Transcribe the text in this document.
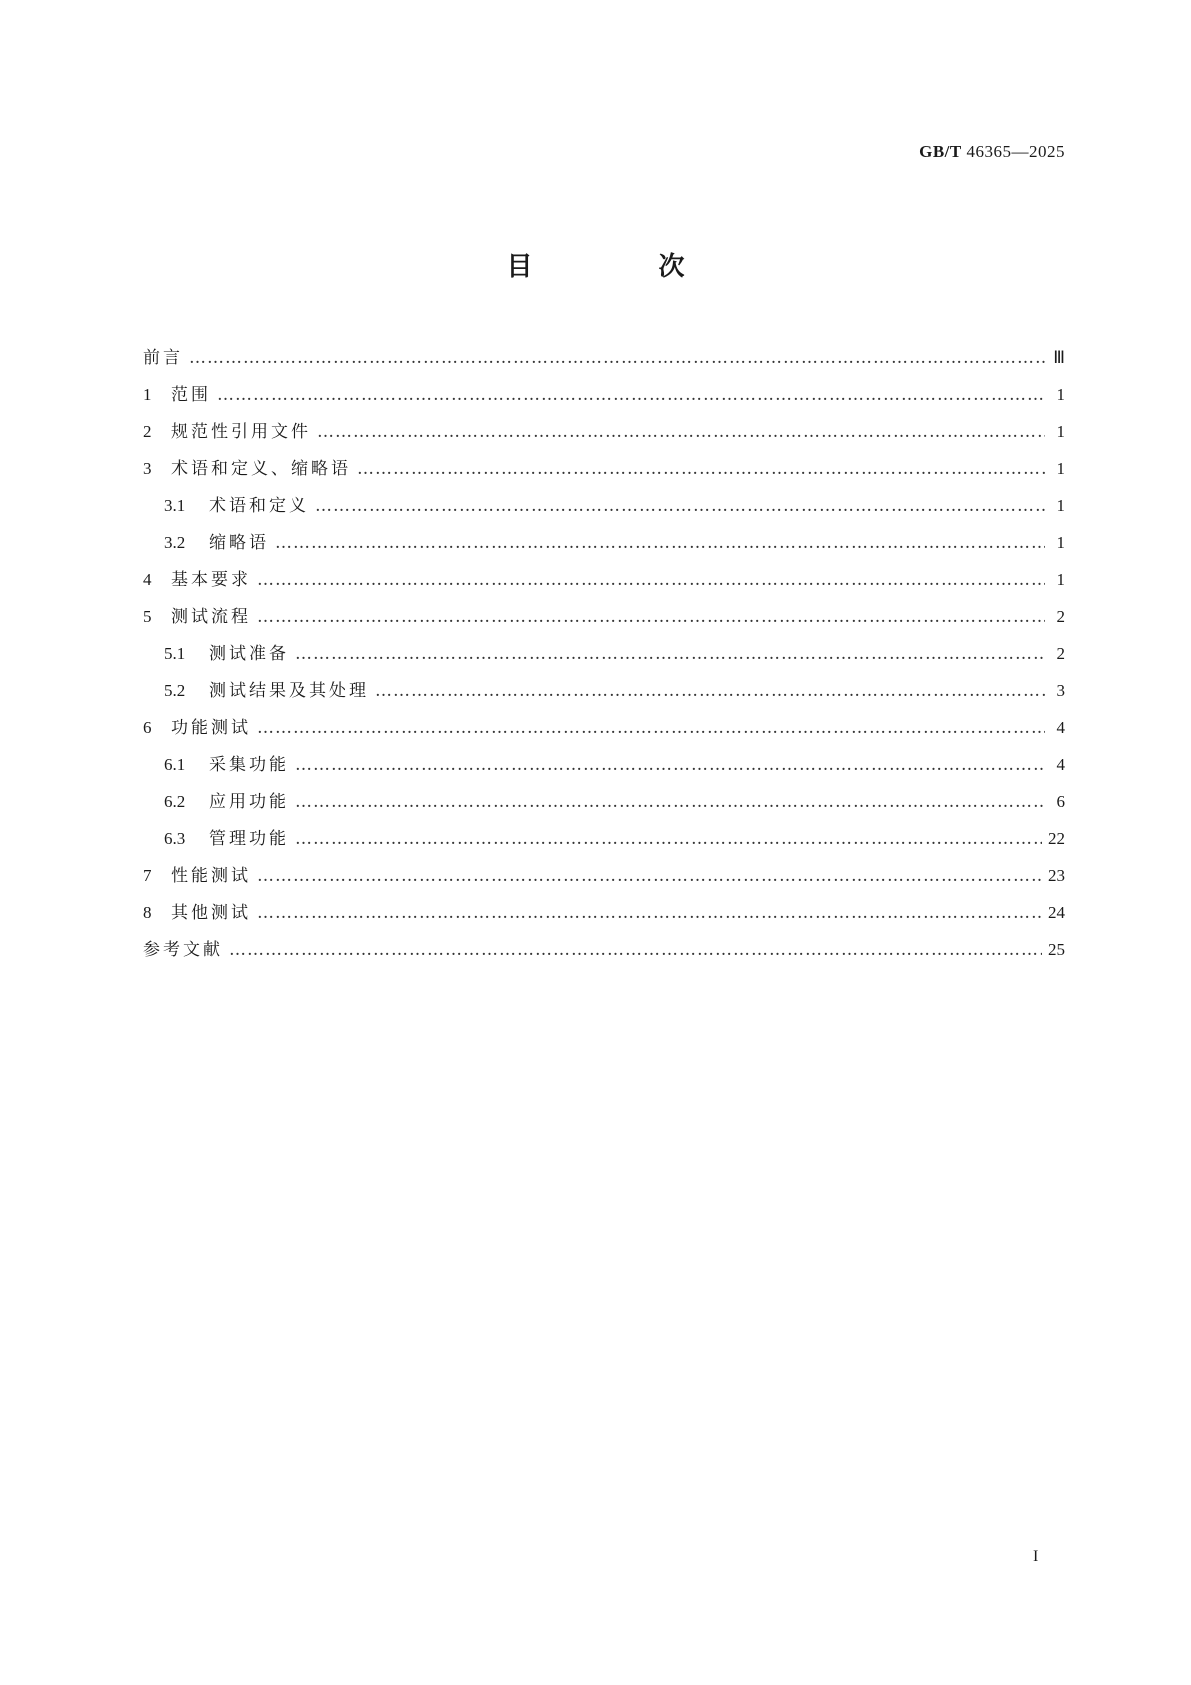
GB/T 46365—2025
目　次
前言 …………………………………………………………………………………………………………………………………………………………………………………………………	Ⅲ
1	范围 …………………………………………………………………………………………………………………………………………………………………………………………………	1
2	规范性引用文件 …………………………………………………………………………………………………………………………………………………………………………………………………	1
3	术语和定义、缩略语 …………………………………………………………………………………………………………………………………………………………………………………………………	1
3.1	术语和定义 …………………………………………………………………………………………………………………………………………………………………………………………………	1
3.2	缩略语 …………………………………………………………………………………………………………………………………………………………………………………………………	1
4	基本要求 …………………………………………………………………………………………………………………………………………………………………………………………………	1
5	测试流程 …………………………………………………………………………………………………………………………………………………………………………………………………	2
5.1	测试准备 …………………………………………………………………………………………………………………………………………………………………………………………………	2
5.2	测试结果及其处理 …………………………………………………………………………………………………………………………………………………………………………………………………	3
6	功能测试 …………………………………………………………………………………………………………………………………………………………………………………………………	4
6.1	采集功能 …………………………………………………………………………………………………………………………………………………………………………………………………	4
6.2	应用功能 …………………………………………………………………………………………………………………………………………………………………………………………………	6
6.3	管理功能 …………………………………………………………………………………………………………………………………………………………………………………………………	22
7	性能测试 …………………………………………………………………………………………………………………………………………………………………………………………………	23
8	其他测试 …………………………………………………………………………………………………………………………………………………………………………………………………	24
参考文献 …………………………………………………………………………………………………………………………………………………………………………………………………	25
I
